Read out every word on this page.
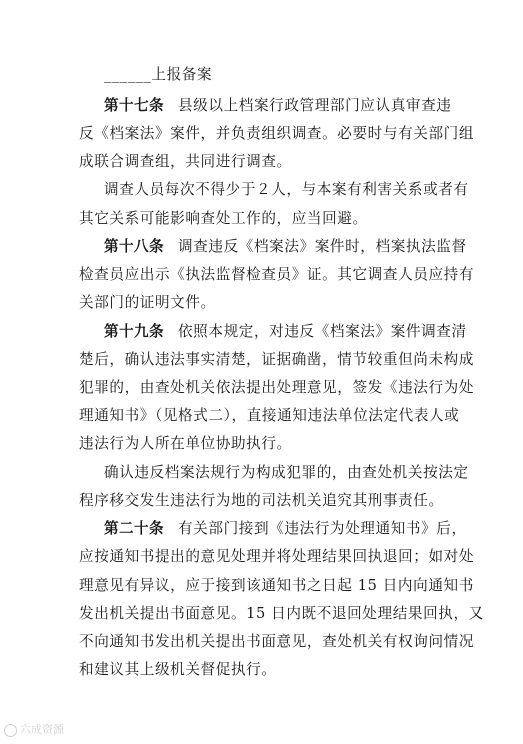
______上报备案
第十七条 县级以上档案行政管理部门应认真审查违
反《档案法》案件，并负责组织调查。必要时与有关部门组
成联合调查组，共同进行调查。
调查人员每次不得少于２人，与本案有利害关系或者有
其它关系可能影响查处工作的，应当回避。
第十八条 调查违反《档案法》案件时，档案执法监督
检查员应出示《执法监督检查员》证。其它调查人员应持有
关部门的证明文件。
第十九条 依照本规定，对违反《档案法》案件调查清
楚后，确认违法事实清楚，证据确凿，情节较重但尚未构成
犯罪的，由查处机关依法提出处理意见，签发《违法行为处
理通知书》（见格式二），直接通知违法单位法定代表人或
违法行为人所在单位协助执行。
确认违反档案法规行为构成犯罪的，由查处机关按法定
程序移交发生违法行为地的司法机关追究其刑事责任。
第二十条 有关部门接到《违法行为处理通知书》后，
应按通知书提出的意见处理并将处理结果回执退回；如对处
理意见有异议，应于接到该通知书之日起 15 日内向通知书
发出机关提出书面意见。15 日内既不退回处理结果回执，又
不向通知书发出机关提出书面意见，查处机关有权询问情况
和建议其上级机关督促执行。
六成资源
